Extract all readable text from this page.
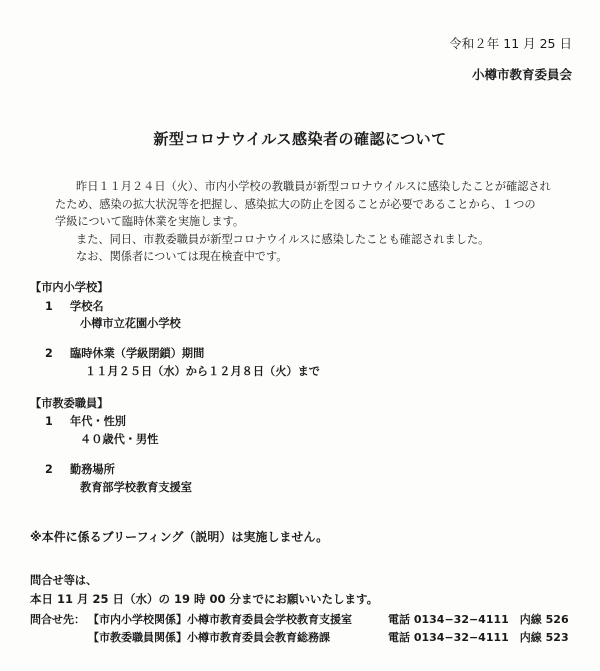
令和２年 11 月 25 日
小樽市教育委員会
新型コロナウイルス感染者の確認について
昨日１１月２４日（火）、市内小学校の教職員が新型コロナウイルスに感染したことが確認され
たため、感染の拡大状況等を把握し、感染拡大の防止を図ることが必要であることから、１つの
学級について臨時休業を実施します。
また、同日、市教委職員が新型コロナウイルスに感染したことも確認されました。
なお、関係者については現在検査中です。
【市内小学校】
1 学校名
小樽市立花園小学校
2 臨時休業（学級閉鎖）期間
１１月２５日（水）から１２月８日（火）まで
【市教委職員】
1 年代・性別
４０歳代・男性
2 勤務場所
教育部学校教育支援室
※本件に係るブリーフィング（説明）は実施しません。
問合せ等は、
本日 11 月 25 日（水）の 19 時 00 分までにお願いいたします。
問合せ先： 【市内小学校関係】小樽市教育委員会学校教育支援室	電話 0134−32−4111　内線 526
【市教委職員関係】小樽市教育委員会教育総務課	電話 0134−32−4111　内線 523
